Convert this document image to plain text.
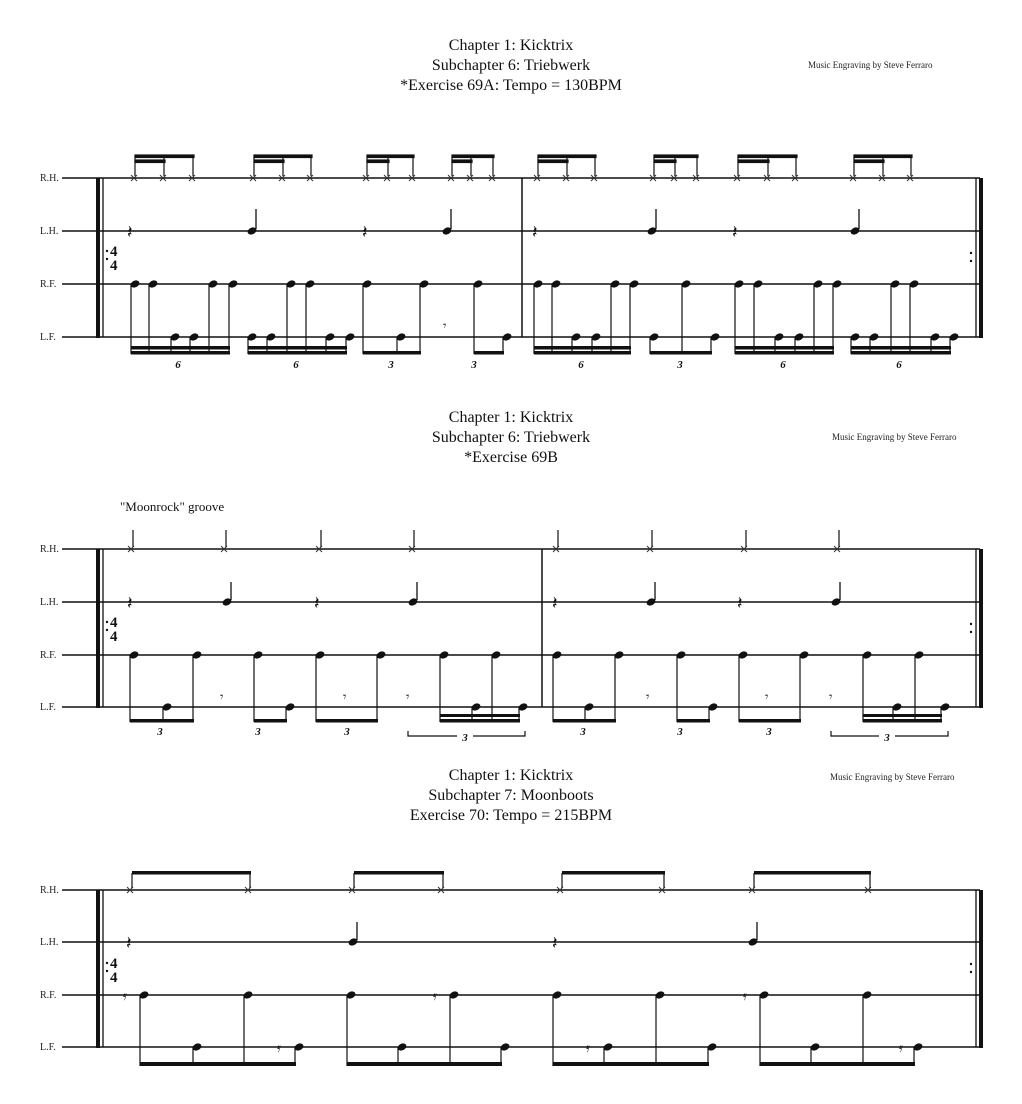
Chapter 1: Kicktrix
Subchapter 6: Triebwerk
*Exercise 69A: Tempo = 130BPM
Music Engraving by Steve Ferraro
Chapter 1: Kicktrix
Subchapter 6: Triebwerk
*Exercise 69B
Music Engraving by Steve Ferraro
"Moonrock" groove
Chapter 1: Kicktrix
Subchapter 7: Moonboots
Exercise 70: Tempo = 215BPM
Music Engraving by Steve Ferraro
R.H.
L.H.
R.F.
L.F.
4
4
𝄽	𝄽	𝄽	𝄽
6	6	3
𝄾
3	6	3	6	6
R.H.
L.H.
R.F.
L.F.
4
4
𝄽	𝄽	𝄽	𝄽
3
𝄾
3
𝄾
3
𝄾
3	3
𝄾
3
𝄾
3
𝄾
3
R.H.
L.H.
R.F.
L.F.
4
4
𝄽	𝄽
𝄿
𝄿
𝄿
𝄿
𝄿
𝄿
